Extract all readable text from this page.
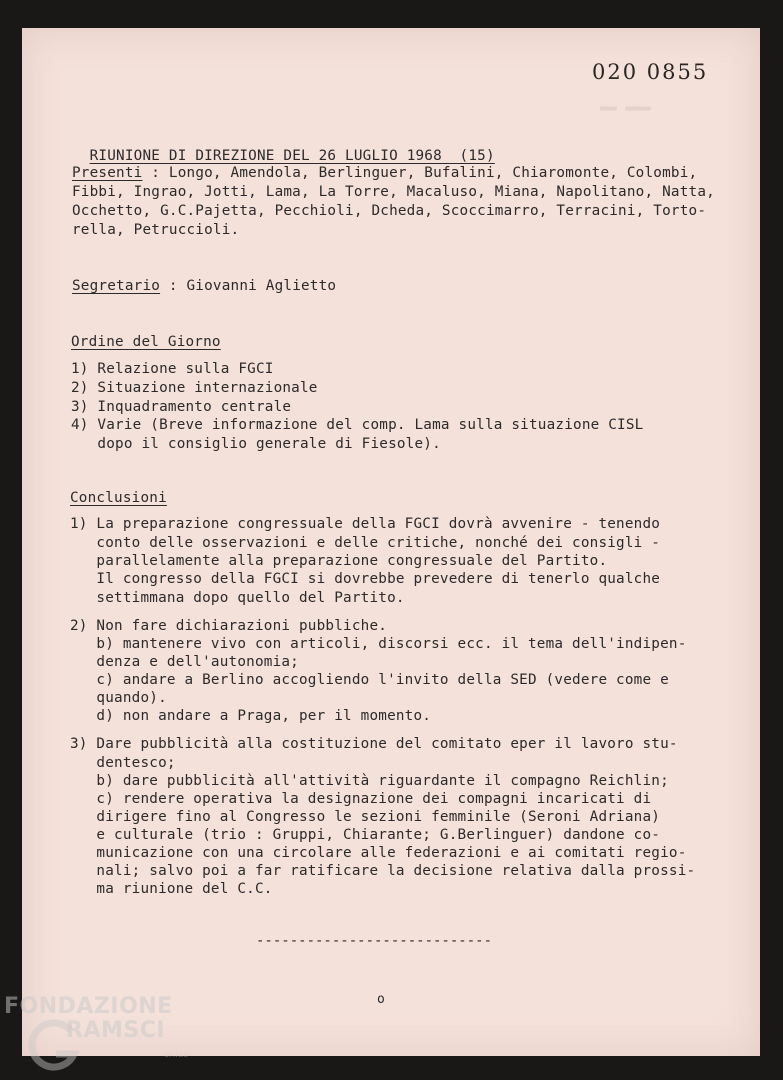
020 0855

RIUNIONE DI DIREZIONE DEL 26 LUGLIO 1968  (15)

Presenti : Longo, Amendola, Berlinguer, Bufalini, Chiaromonte, Colombi,
Fibbi, Ingrao, Jotti, Lama, La Torre, Macaluso, Miana, Napolitano, Natta,
Occhetto, G.C.Pajetta, Pecchioli, Dcheda, Scoccimarro, Terracini, Torto-
rella, Petruccioli.
Segretario : Giovanni Aglietto
Ordine del Giorno
1) Relazione sulla FGCI
2) Situazione internazionale
3) Inquadramento centrale
4) Varie (Breve informazione del comp. Lama sulla situazione CISL
dopo il consiglio generale di Fiesole).
Conclusioni
1) La preparazione congressuale della FGCI dovrà avvenire - tenendo
conto delle osservazioni e delle critiche, nonché dei consigli -
parallelamente alla preparazione congressuale del Partito.
Il congresso della FGCI si dovrebbe prevedere di tenerlo qualche
settimmana dopo quello del Partito.
2) Non fare dichiarazioni pubbliche.
b) mantenere vivo con articoli, discorsi ecc. il tema dell'indipen-
denza e dell'autonomia;
c) andare a Berlino accogliendo l'invito della SED (vedere come e
quando).
d) non andare a Praga, per il momento.
3) Dare pubblicità alla costituzione del comitato eper il lavoro stu-
dentesco;
b) dare pubblicità all'attività riguardante il compagno Reichlin;
c) rendere operativa la designazione dei compagni incaricati di
dirigere fino al Congresso le sezioni femminile (Seroni Adriana)
e culturale (trio : Gruppi, Chiarante; G.Berlinguer) dandone co-
municazione con una circolare alle federazioni e ai comitati regio-
nali; salvo poi a far ratificare la decisione relativa dalla prossi-
ma riunione del C.C.
----------------------------
o
FONDAZIONE
RAMSCI
onlus
